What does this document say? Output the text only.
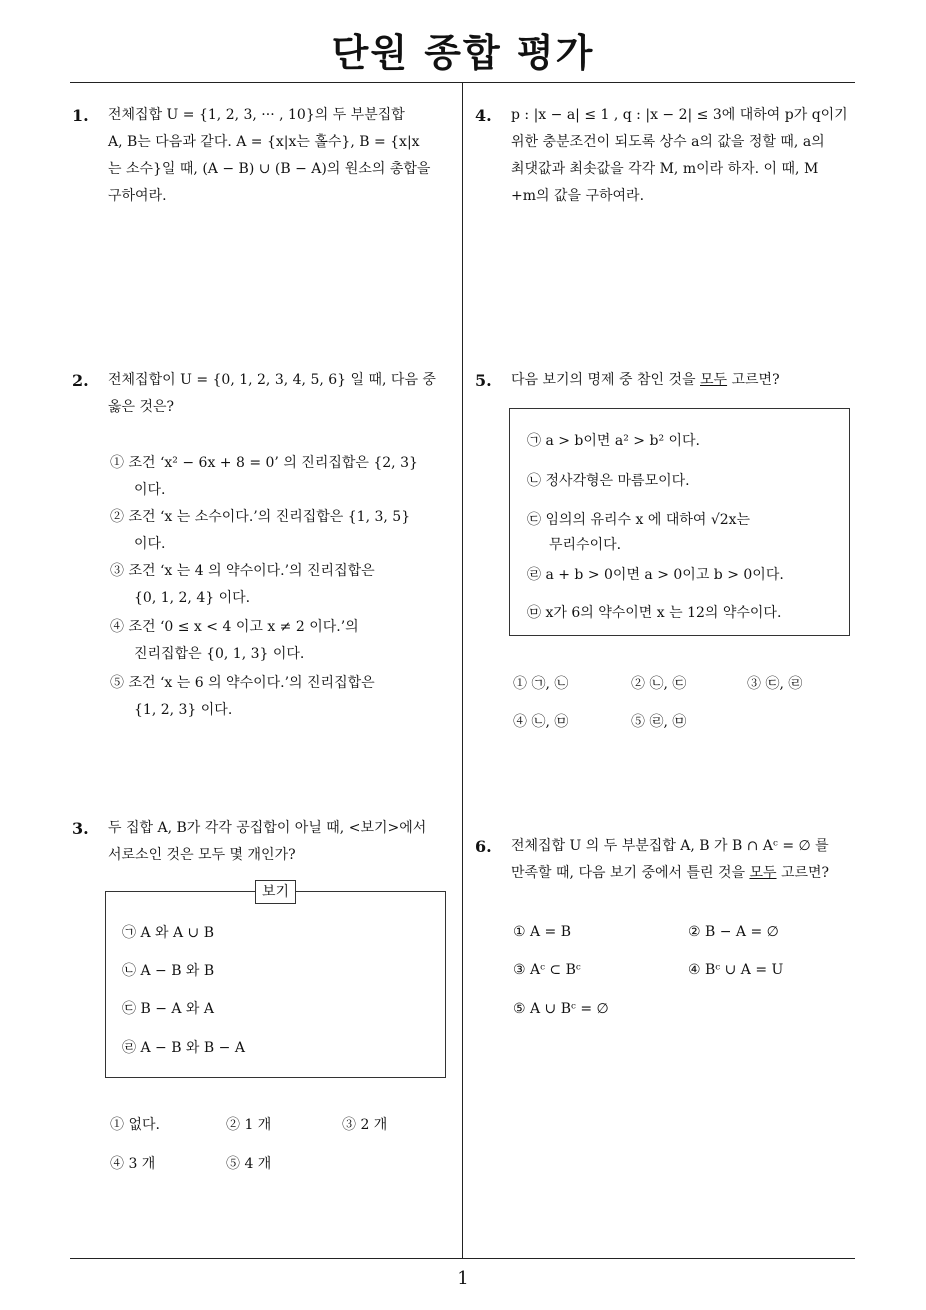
단원 종합 평가
1
1. 전체집합 U = {1, 2, 3, ··· , 10}의 두 부분집합
A, B는 다음과 같다. A = {x|x는 홀수}, B = {x|x
는 소수}일 때, (A − B) ∪ (B − A)의 원소의 총합을
구하여라.
2. 전체집합이 U = {0, 1, 2, 3, 4, 5, 6} 일 때, 다음 중
옳은 것은?
① 조건 ‘x² − 6x + 8 = 0’ 의 진리집합은 {2, 3}
이다.
② 조건 ‘x 는 소수이다.’의 진리집합은 {1, 3, 5}
이다.
③ 조건 ‘x 는 4 의 약수이다.’의 진리집합은
{0, 1, 2, 4} 이다.
④ 조건 ‘0 ≤ x < 4 이고 x ≠ 2 이다.’의
진리집합은 {0, 1, 3} 이다.
⑤ 조건 ‘x 는 6 의 약수이다.’의 진리집합은
{1, 2, 3} 이다.
3. 두 집합 A, B가 각각 공집합이 아닐 때, <보기>에서
서로소인 것은 모두 몇 개인가?
보기
㉠ A 와 A ∪ B
㉡ A − B 와 B
㉢ B − A 와 A
㉣ A − B 와 B − A
① 없다.	② 1 개	③ 2 개
④ 3 개	⑤ 4 개
4. p : |x − a| ≤ 1 , q : |x − 2| ≤ 3에 대하여 p가 q이기
위한 충분조건이 되도록 상수 a의 값을 정할 때, a의
최댓값과 최솟값을 각각 M, m이라 하자. 이 때, M
+m의 값을 구하여라.
5. 다음 보기의 명제 중 참인 것을 모두 고르면?
㉠ a > b이면 a² > b² 이다.
㉡ 정사각형은 마름모이다.
㉢ 임의의 유리수 x 에 대하여 √2x는
무리수이다.
㉣ a + b > 0이면 a > 0이고 b > 0이다.
㉤ x가 6의 약수이면 x 는 12의 약수이다.
① ㉠, ㉡	② ㉡, ㉢	③ ㉢, ㉣
④ ㉡, ㉤	⑤ ㉣, ㉤
6. 전체집합 U 의 두 부분집합 A, B 가 B ∩ Aᶜ = ∅ 를
만족할 때, 다음 보기 중에서 틀린 것을 모두 고르면?
① A = B	② B − A = ∅
③ Aᶜ ⊂ Bᶜ	④ Bᶜ ∪ A = U
⑤ A ∪ Bᶜ = ∅
